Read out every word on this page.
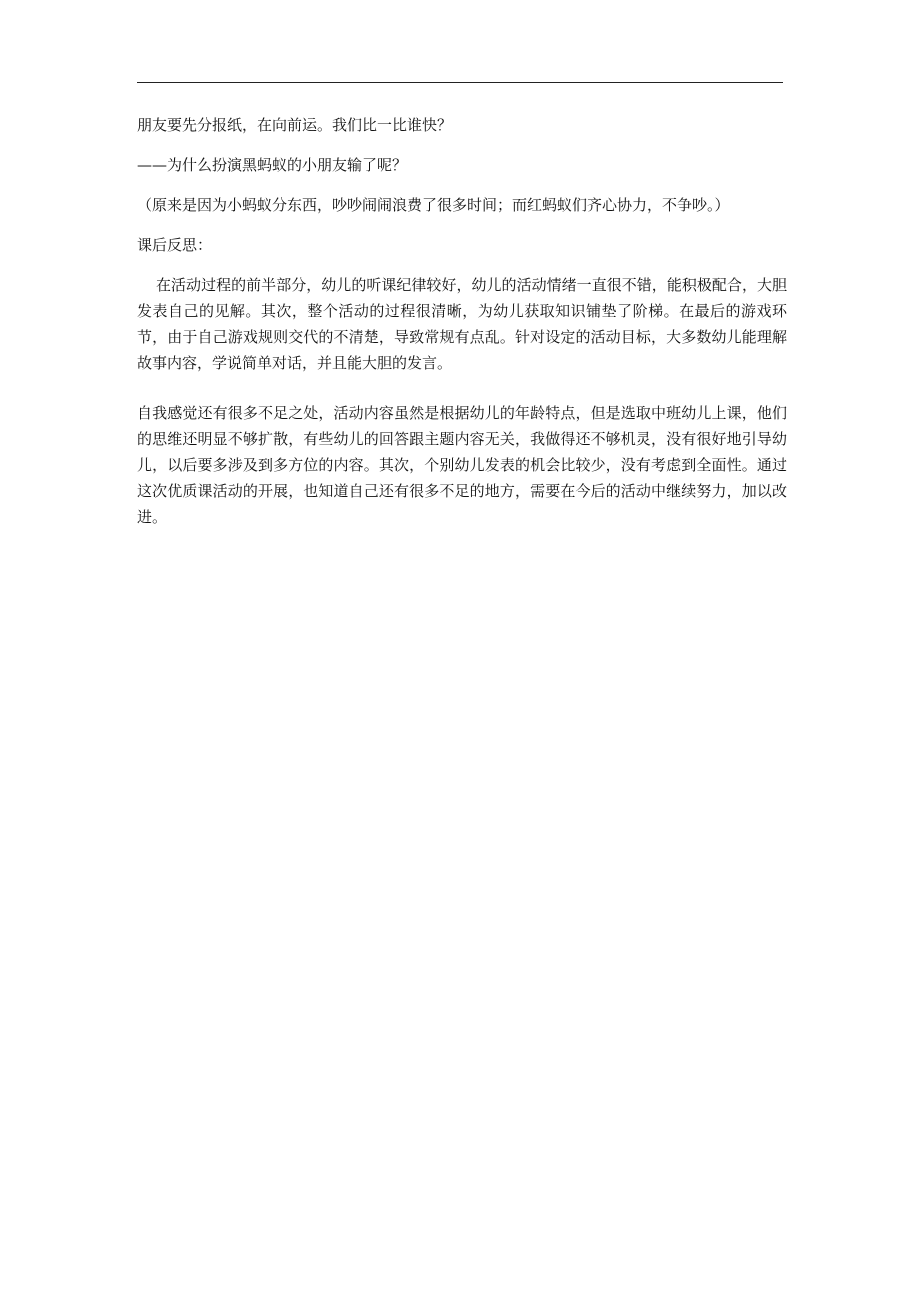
朋友要先分报纸，在向前运。我们比一比谁快？

——为什么扮演黑蚂蚁的小朋友输了呢？

（原来是因为小蚂蚁分东西，吵吵闹闹浪费了很多时间；而红蚂蚁们齐心协力，不争吵。）

课后反思：

在活动过程的前半部分，幼儿的听课纪律较好，幼儿的活动情绪一直很不错，能积极配合，大胆发表自己的见解。其次，整个活动的过程很清晰，为幼儿获取知识铺垫了阶梯。在最后的游戏环节，由于自己游戏规则交代的不清楚，导致常规有点乱。针对设定的活动目标，大多数幼儿能理解故事内容，学说简单对话，并且能大胆的发言。

自我感觉还有很多不足之处，活动内容虽然是根据幼儿的年龄特点，但是选取中班幼儿上课，他们的思维还明显不够扩散，有些幼儿的回答跟主题内容无关，我做得还不够机灵，没有很好地引导幼儿，以后要多涉及到多方位的内容。其次，个别幼儿发表的机会比较少，没有考虑到全面性。通过这次优质课活动的开展，也知道自己还有很多不足的地方，需要在今后的活动中继续努力，加以改进。
